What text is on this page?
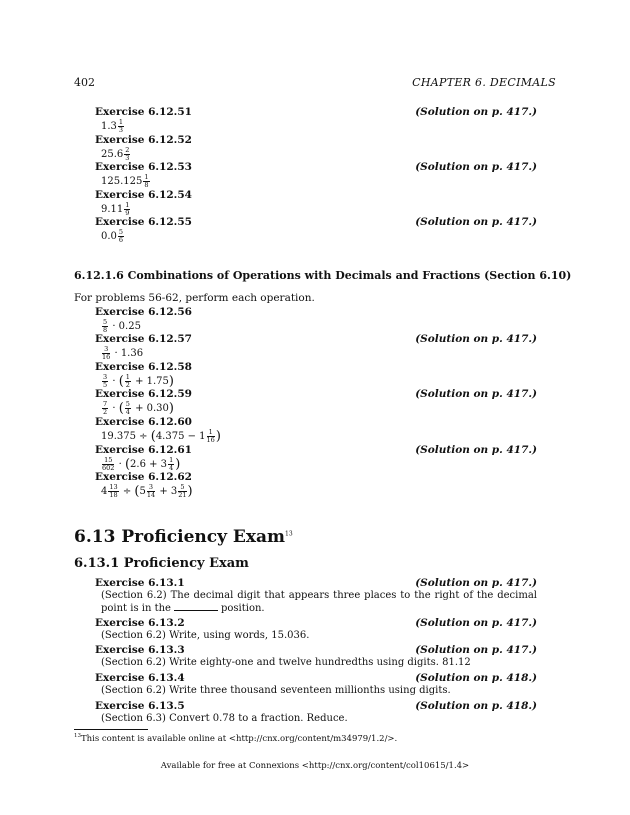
402	CHAPTER 6. DECIMALS
Exercise 6.12.51	(Solution on p. 417.)
$1.3 \frac{1}{3}$
Exercise 6.12.52
$25.6 \frac{2}{3}$
Exercise 6.12.53	(Solution on p. 417.)
$125.125 \frac{1}{8}$
Exercise 6.12.54
$9.11 \frac{1}{9}$
Exercise 6.12.55	(Solution on p. 417.)
$0.0 \frac{5}{6}$
6.12.1.6 Combinations of Operations with Decimals and Fractions (Section 6.10)
For problems 56-62, perform each operation.
Exercise 6.12.56
$\frac{5}{8} \cdot 0.25$
Exercise 6.12.57	(Solution on p. 417.)
$\frac{3}{16} \cdot 1.36$
Exercise 6.12.58
$\frac{3}{5}$ · ( $\frac{1}{2} + 1.75$)
Exercise 6.12.59	(Solution on p. 417.)
$\frac{7}{2}$ · ( $\frac{5}{4} + 0.30$)
Exercise 6.12.60
$19.375 \div (4.375 - 1 \frac{1}{16}$ )
Exercise 6.12.61	(Solution on p. 417.)
$\frac{15}{602} \cdot (2.6 + 3 \frac{1}{4}$ )
Exercise 6.12.62
$4 \frac{13}{18} \div (5 \frac{3}{14} + 3 \frac{5}{21}$ )
6.13 Proficiency Exam$^{13}$
6.13.1 Proficiency Exam
Exercise 6.13.1	(Solution on p. 417.)
(Section 6.2) The decimal digit that appears three places to the right of the decimal point is in the	position.
Exercise 6.13.2	(Solution on p. 417.)
(Section 6.2) Write, using words, 15.036.
Exercise 6.13.3	(Solution on p. 417.)
(Section 6.2) Write eighty-one and twelve hundredths using digits. 81.12
Exercise 6.13.4	(Solution on p. 418.)
(Section 6.2) Write three thousand seventeen millionths using digits.
Exercise 6.13.5	(Solution on p. 418.)
(Section 6.3) Convert 0.78 to a fraction. Reduce.
$^{13}$This content is available online at <http://cnx.org/content/m34979/1.2/>.
Available for free at Connexions <http://cnx.org/content/col10615/1.4>
